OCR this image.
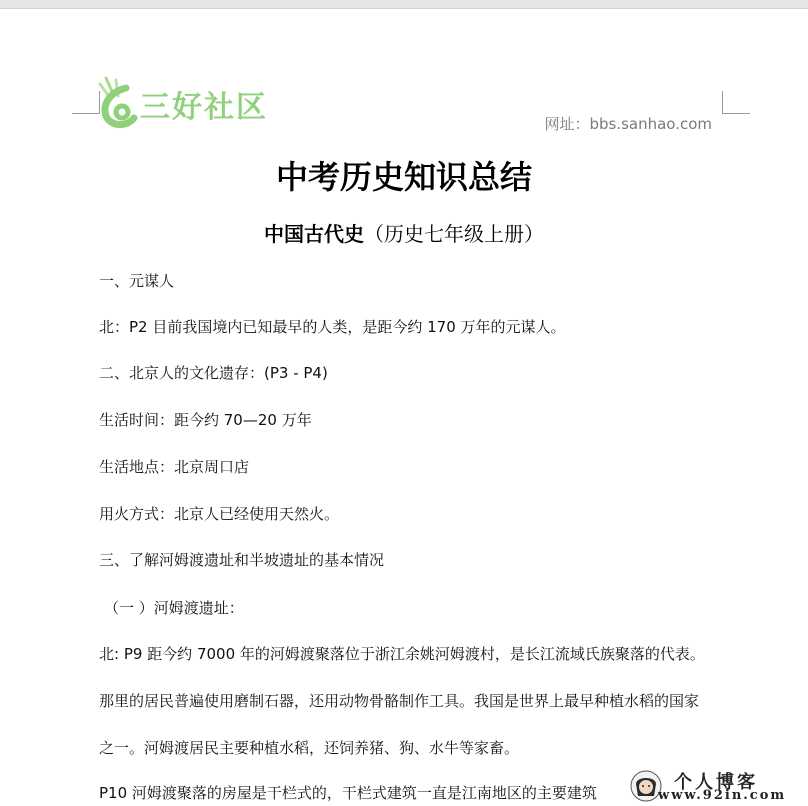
三好社区	网址：bbs.sanhao.com
中考历史知识总结
中国古代史（历史七年级上册）
一、元谋人
北：P2 目前我国境内已知最早的人类，是距今约 170 万年的元谋人。
二、北京人的文化遗存：(P3 - P4)
生活时间：距今约 70—20 万年
生活地点：北京周口店
用火方式：北京人已经使用天然火。
三、了解河姆渡遗址和半坡遗址的基本情况
（一 ）河姆渡遗址：
北: P9 距今约 7000 年的河姆渡聚落位于浙江余姚河姆渡村，是长江流域氏族聚落的代表。
那里的居民普遍使用磨制石器，还用动物骨骼制作工具。我国是世界上最早种植水稻的国家
之一。河姆渡居民主要种植水稻，还饲养猪、狗、水牛等家畜。
P10 河姆渡聚落的房屋是干栏式的，干栏式建筑一直是江南地区的主要建筑	个人博客
www.92in.com
